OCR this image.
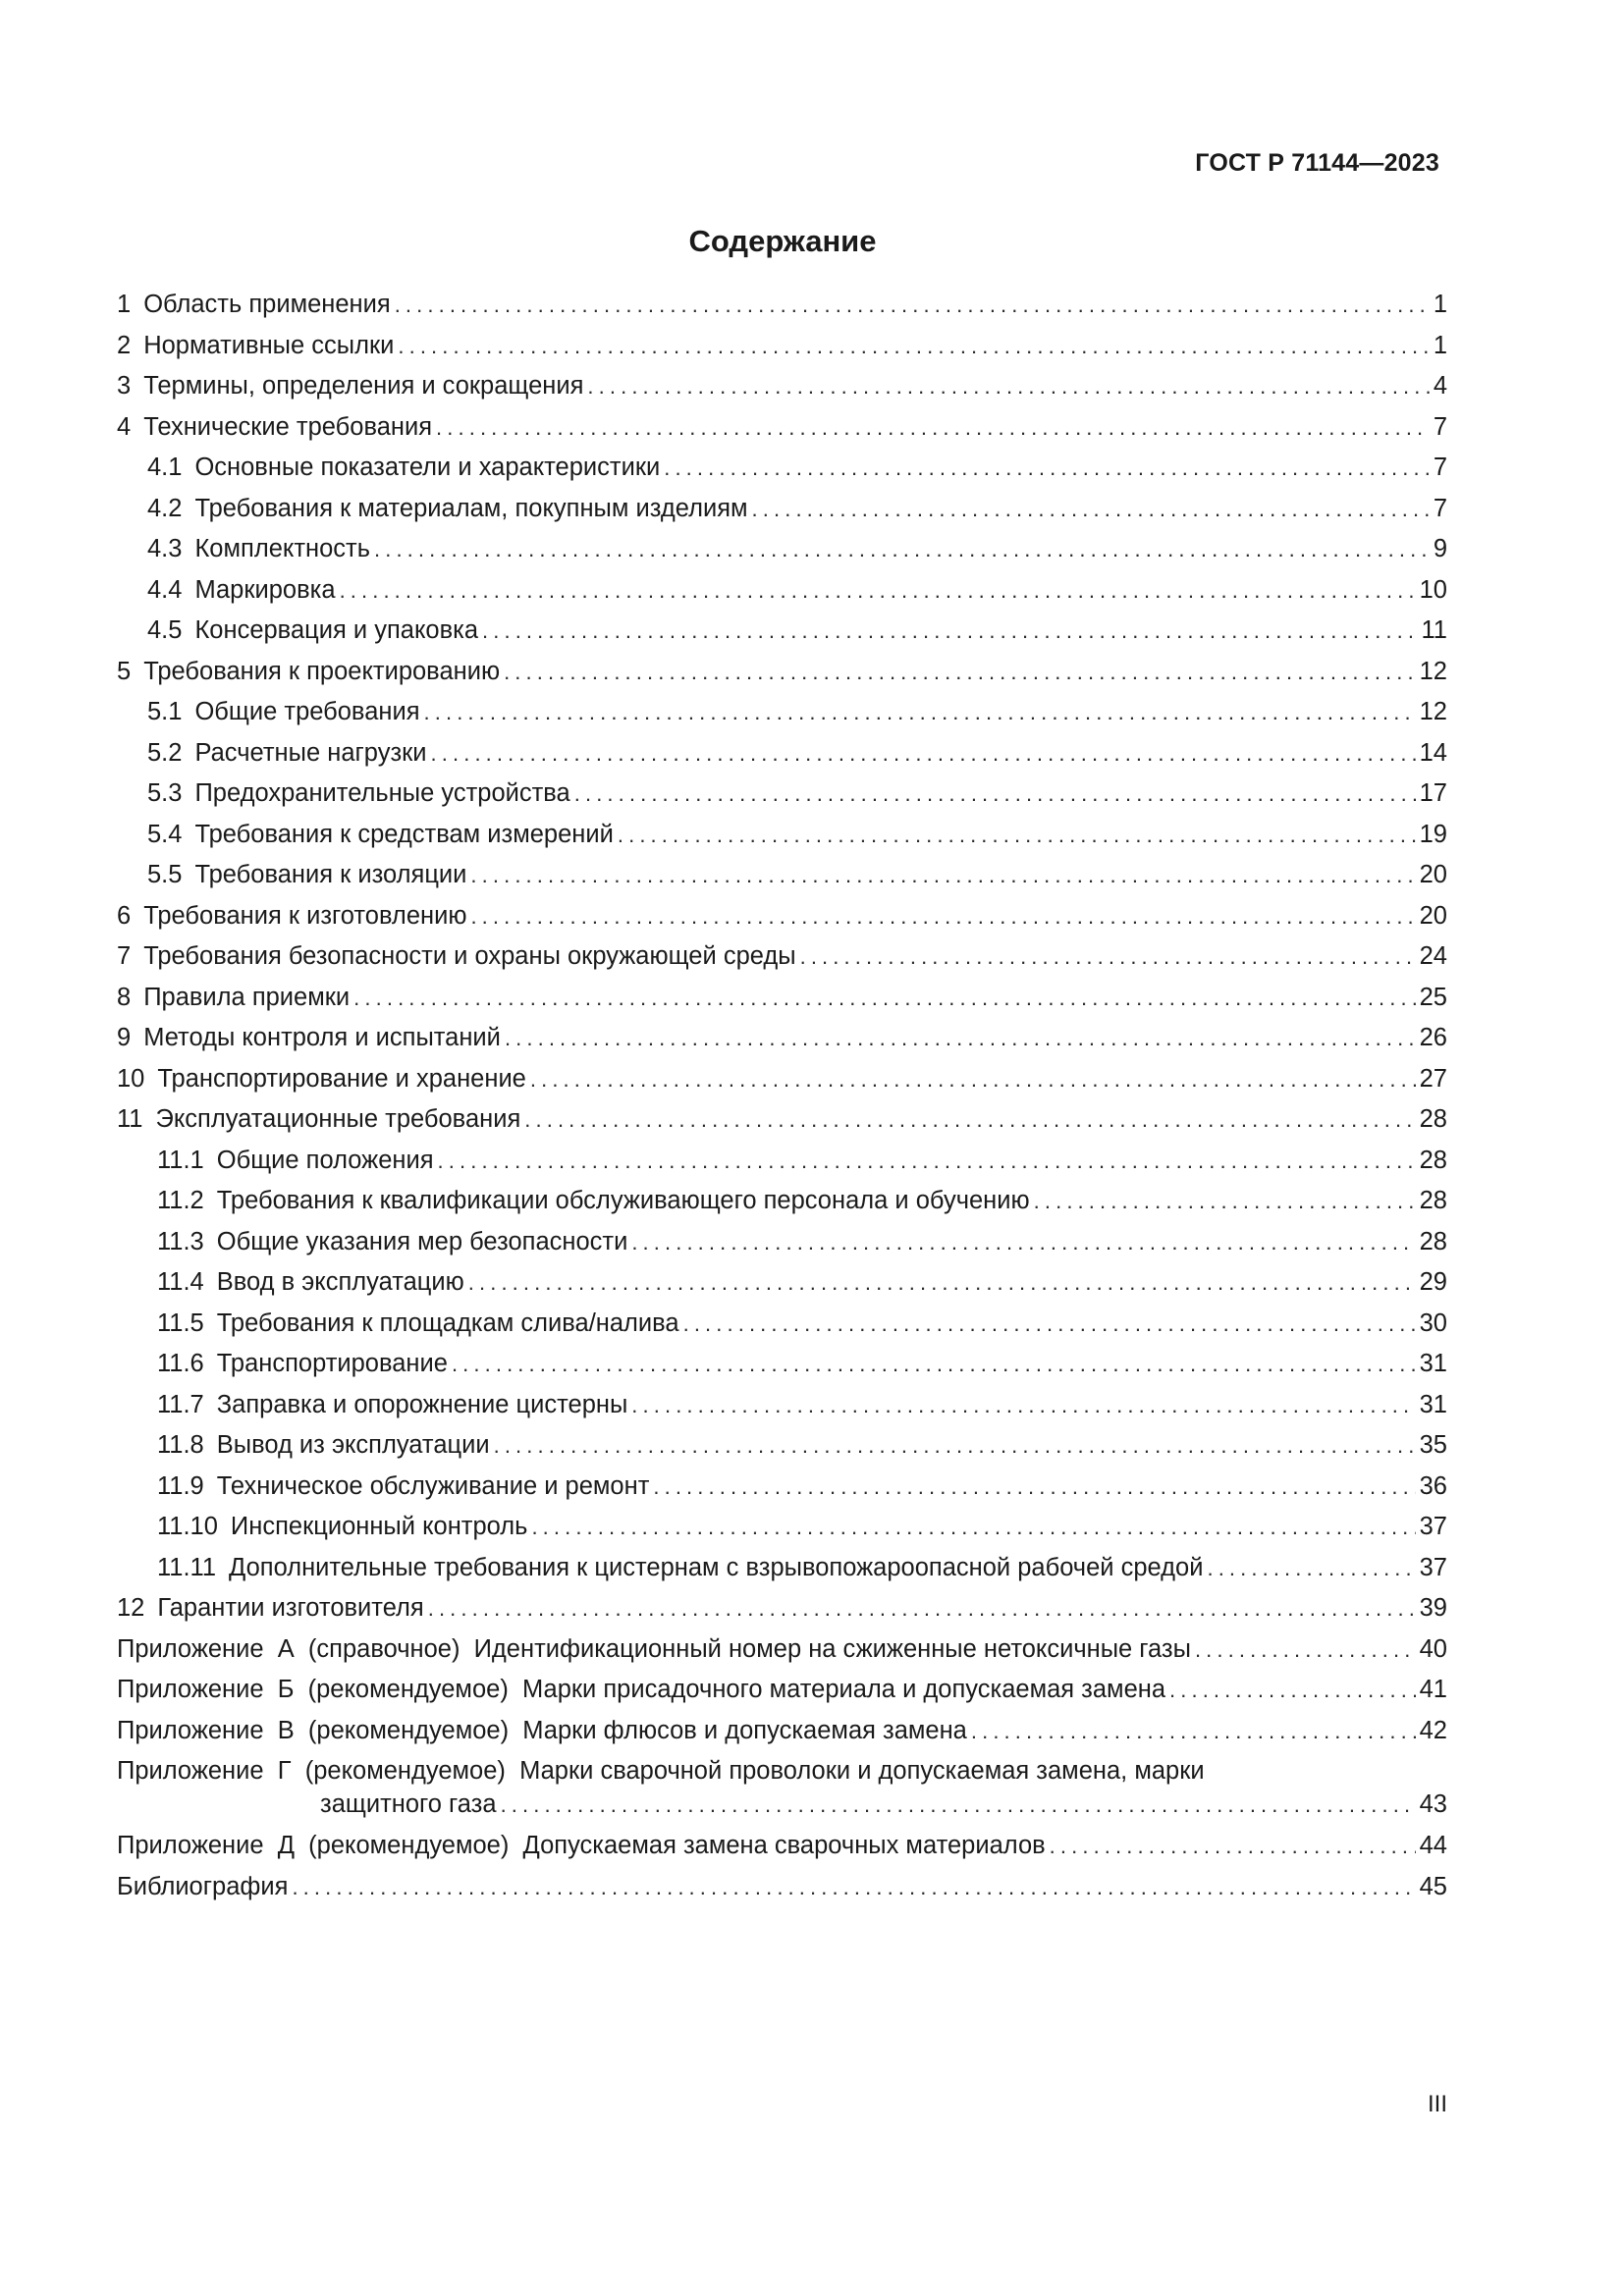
ГОСТ Р 71144—2023
Содержание
1 Область применения . . .	1
2 Нормативные ссылки . . .	1
3 Термины, определения и сокращения . . .	4
4 Технические требования . . .	7
4.1 Основные показатели и характеристики . . .	7
4.2 Требования к материалам, покупным изделиям . . .	7
4.3 Комплектность . . .	9
4.4 Маркировка . . .	10
4.5 Консервация и упаковка . . .	11
5 Требования к проектированию . . .	12
5.1 Общие требования . . .	12
5.2 Расчетные нагрузки . . .	14
5.3 Предохранительные устройства . . .	17
5.4 Требования к средствам измерений . . .	19
5.5 Требования к изоляции . . .	20
6 Требования к изготовлению . . .	20
7 Требования безопасности и охраны окружающей среды . . .	24
8 Правила приемки . . .	25
9 Методы контроля и испытаний . . .	26
10 Транспортирование и хранение . . .	27
11 Эксплуатационные требования . . .	28
11.1 Общие положения . . .	28
11.2 Требования к квалификации обслуживающего персонала и обучению . . .	28
11.3 Общие указания мер безопасности . . .	28
11.4 Ввод в эксплуатацию . . .	29
11.5 Требования к площадкам слива/налива . . .	30
11.6 Транспортирование . . .	31
11.7 Заправка и опорожнение цистерны . . .	31
11.8 Вывод из эксплуатации . . .	35
11.9 Техническое обслуживание и ремонт . . .	36
11.10 Инспекционный контроль . . .	37
11.11 Дополнительные требования к цистернам с взрывопожароопасной рабочей средой . . .	37
12 Гарантии изготовителя . . .	39
Приложение  А  (справочное)  Идентификационный номер на сжиженные нетоксичные газы . . .	40
Приложение  Б  (рекомендуемое)  Марки присадочного материала и допускаемая замена . . .	41
Приложение  В  (рекомендуемое)  Марки флюсов и допускаемая замена . . .	42
Приложение  Г  (рекомендуемое)  Марки сварочной проволоки и допускаемая замена, марки
защитного газа . . .	43
Приложение  Д  (рекомендуемое)  Допускаемая замена сварочных материалов . . .	44
Библиография . . .	45
III
